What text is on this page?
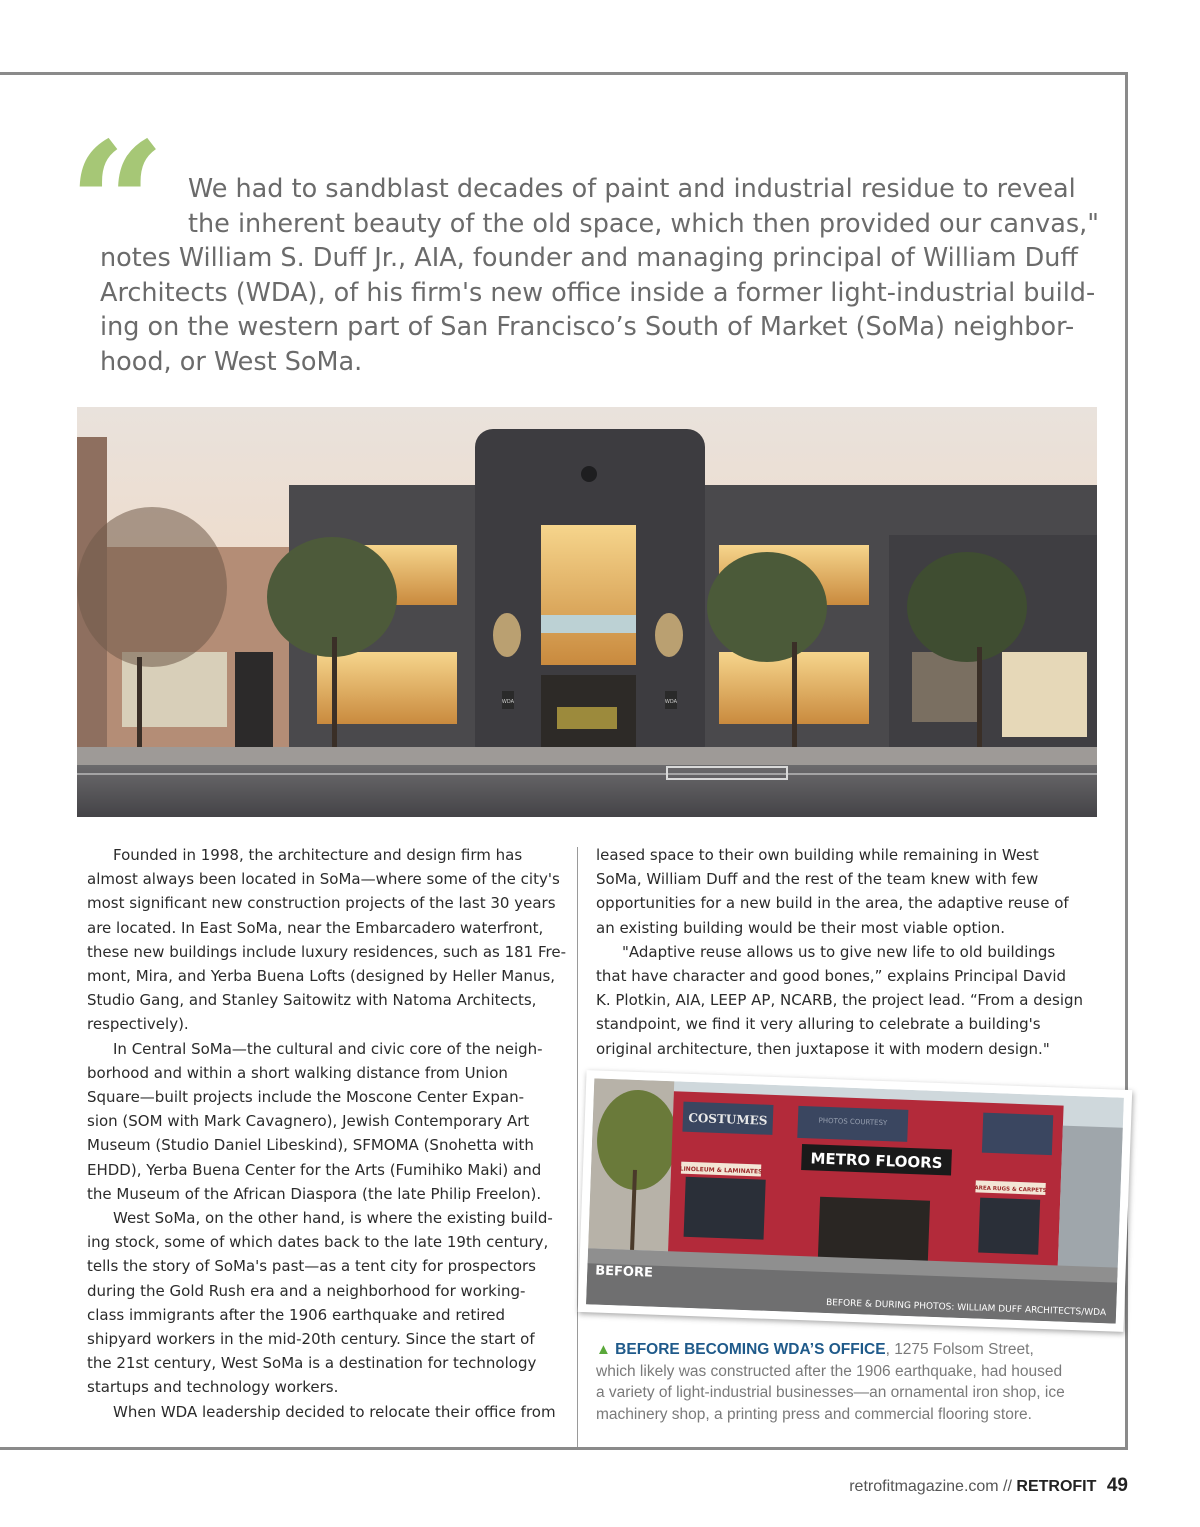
“ We had to sandblast decades of paint and industrial residue to reveal
the inherent beauty of the old space, which then provided our canvas,"
notes William S. Duff Jr., AIA, founder and managing principal of William Duff
Architects (WDA), of his firm's new office inside a former light-industrial build-
ing on the western part of San Francisco’s South of Market (SoMa) neighbor-
hood, or West SoMa.
WDA	WDA
Founded in 1998, the architecture and design firm has
almost always been located in SoMa—where some of the city's
most significant new construction projects of the last 30 years
are located. In East SoMa, near the Embarcadero waterfront,
these new buildings include luxury residences, such as 181 Fre-
mont, Mira, and Yerba Buena Lofts (designed by Heller Manus,
Studio Gang, and Stanley Saitowitz with Natoma Architects,
respectively).
In Central SoMa—the cultural and civic core of the neigh-
borhood and within a short walking distance from Union
Square—built projects include the Moscone Center Expan-
sion (SOM with Mark Cavagnero), Jewish Contemporary Art
Museum (Studio Daniel Libeskind), SFMOMA (Snohetta with
EHDD), Yerba Buena Center for the Arts (Fumihiko Maki) and
the Museum of the African Diaspora (the late Philip Freelon).
West SoMa, on the other hand, is where the existing build-
ing stock, some of which dates back to the late 19th century,
tells the story of SoMa's past—as a tent city for prospectors
during the Gold Rush era and a neighborhood for working-
class immigrants after the 1906 earthquake and retired
shipyard workers in the mid-20th century. Since the start of
the 21st century, West SoMa is a destination for technology
startups and technology workers.
When WDA leadership decided to relocate their office from
leased space to their own building while remaining in West
SoMa, William Duff and the rest of the team knew with few
opportunities for a new build in the area, the adaptive reuse of
an existing building would be their most viable option.
"Adaptive reuse allows us to give new life to old buildings
that have character and good bones,” explains Principal David
K. Plotkin, AIA, LEEP AP, NCARB, the project lead. “From a design
standpoint, we find it very alluring to celebrate a building's
original architecture, then juxtapose it with modern design."
COSTUMES
LINOLEUM & LAMINATES	METRO FLOORS
PHOTOS COURTESY
AREA RUGS & CARPETS
BEFORE
BEFORE & DURING PHOTOS: WILLIAM DUFF ARCHITECTS/WDA
▲ BEFORE BECOMING WDA’S OFFICE, 1275 Folsom Street,
which likely was constructed after the 1906 earthquake, had housed
a variety of light-industrial businesses—an ornamental iron shop, ice
machinery shop, a printing press and commercial flooring store.
retrofitmagazine.com // RETROFIT 49
